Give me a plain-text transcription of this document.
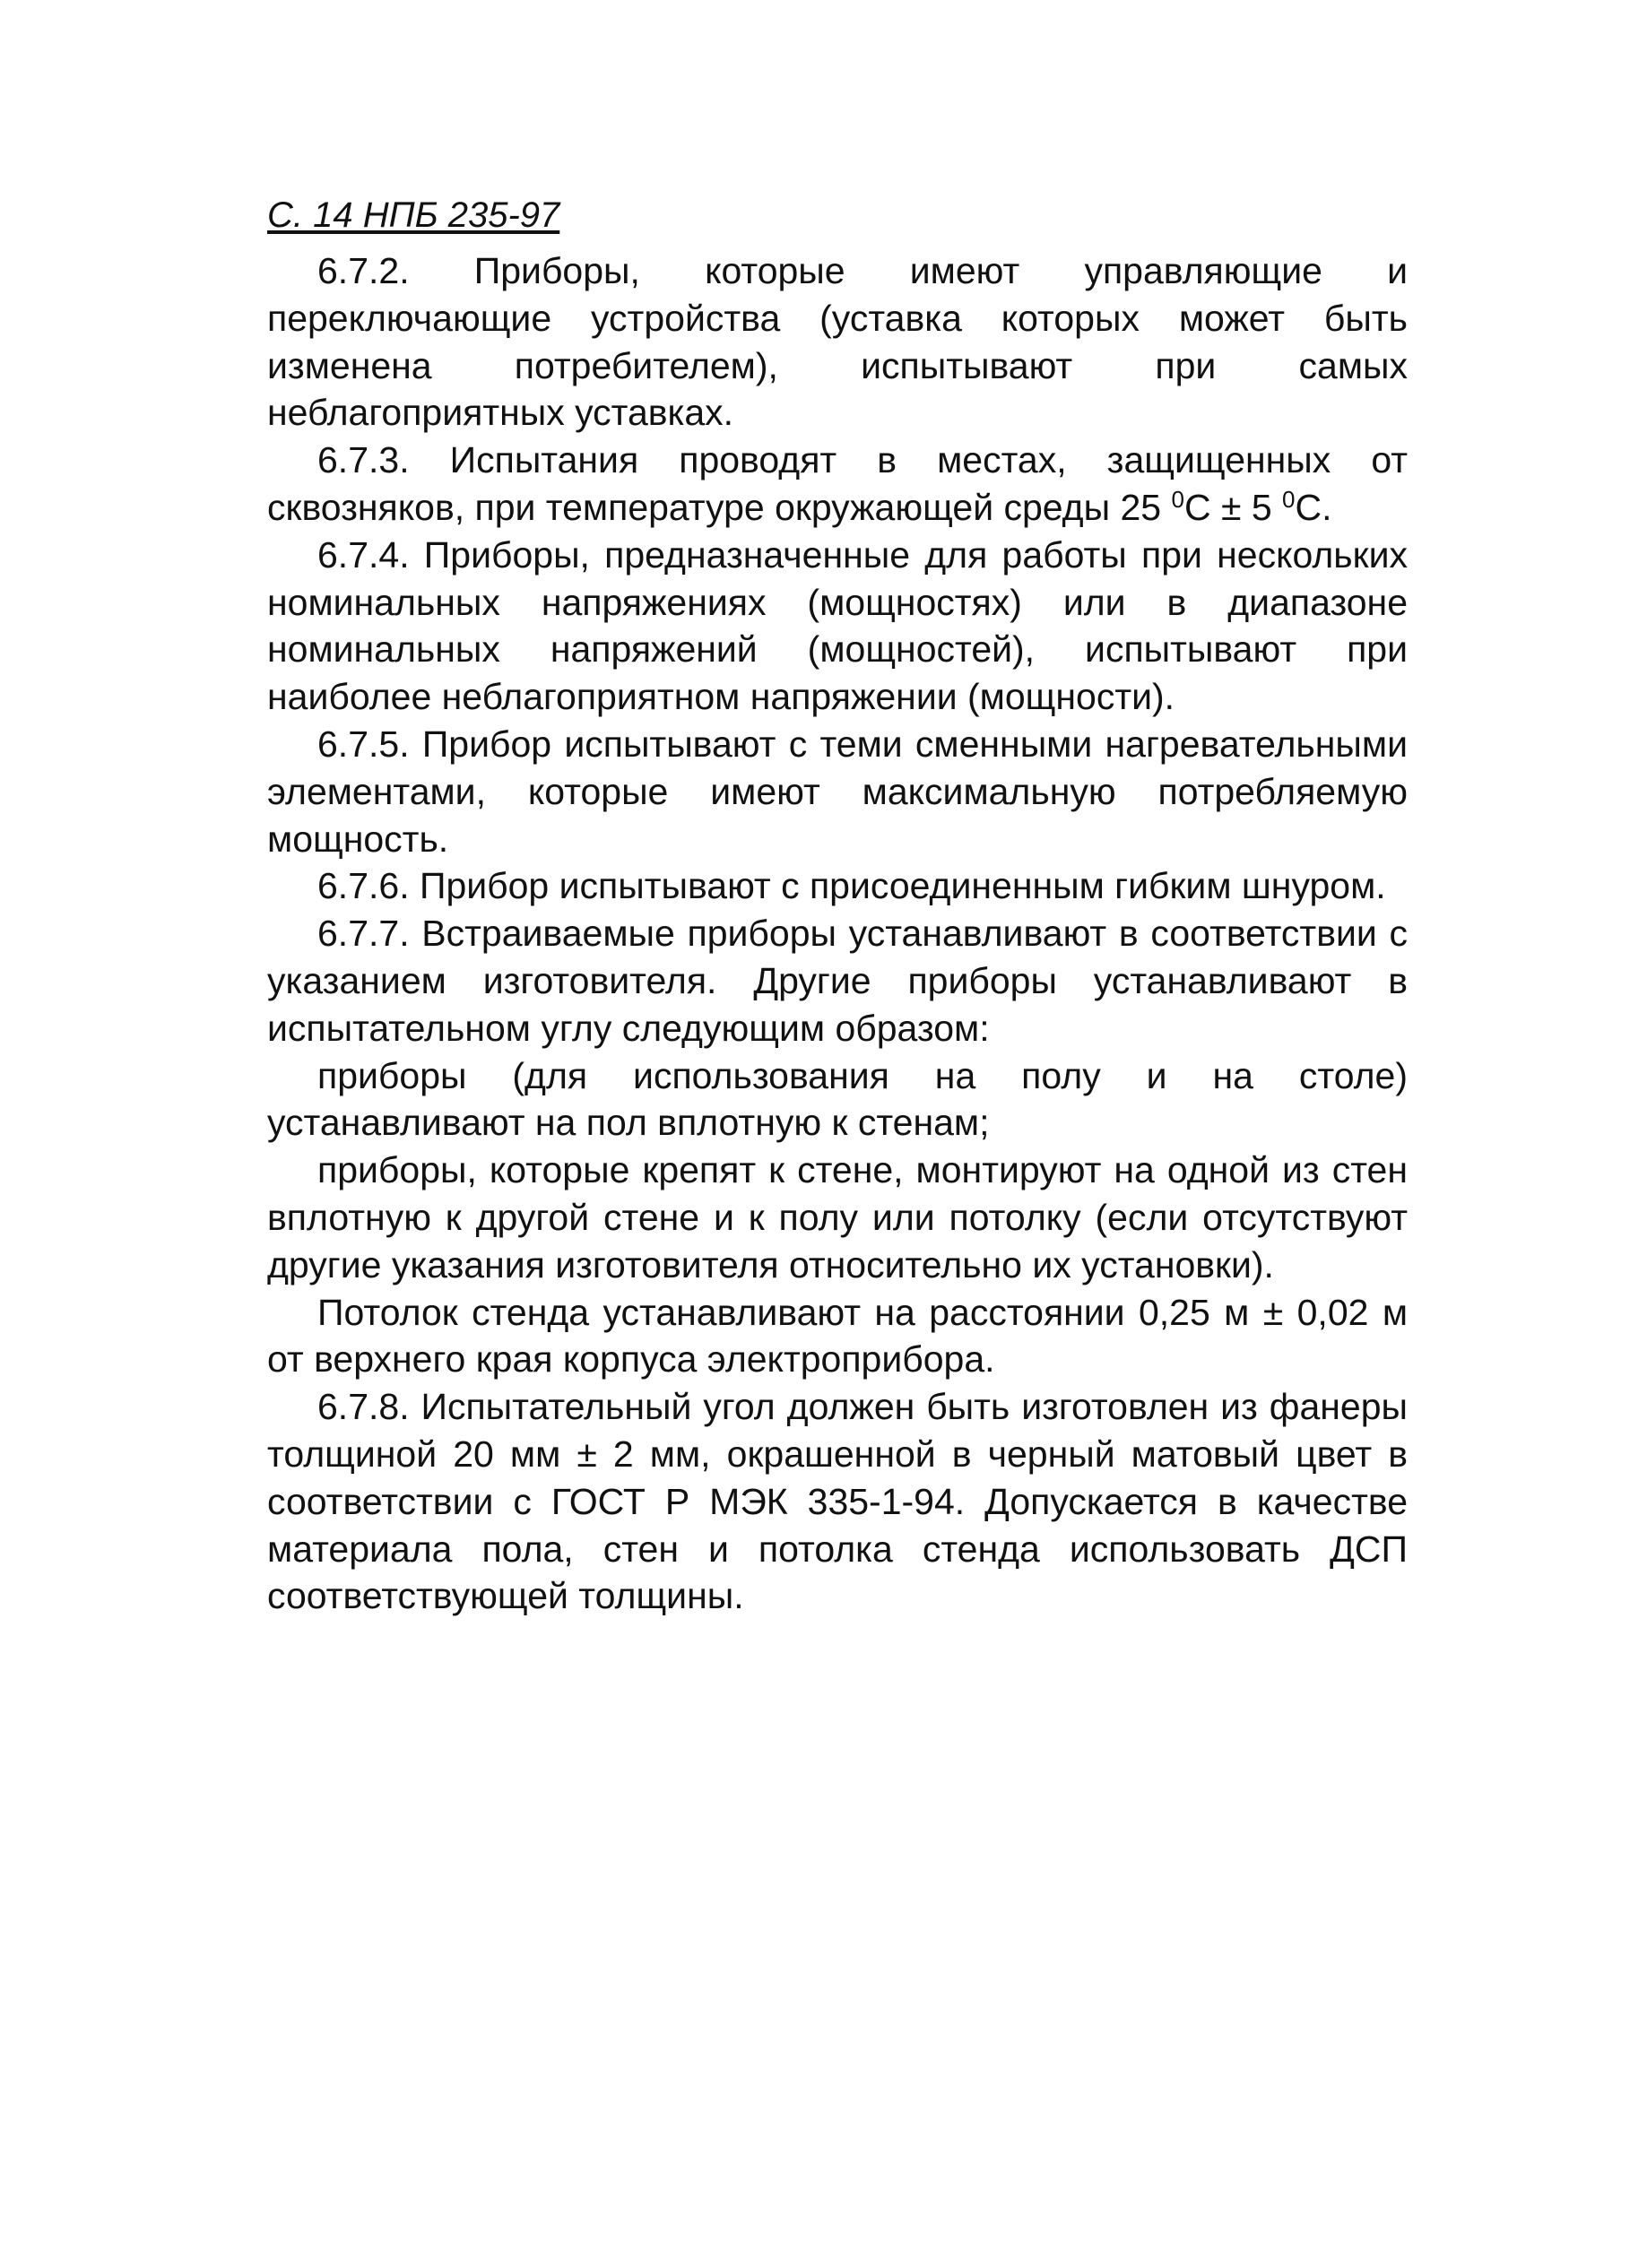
С. 14 НПБ 235-97

6.7.2. Приборы, которые имеют управляющие и переключающие устройства (уставка которых может быть изменена потребителем), испытывают при самых неблагоприятных уставках.

6.7.3. Испытания проводят в местах, защищенных от сквозняков, при температуре окружающей среды 25 $^0$С ± 5 $^0$С.

6.7.4. Приборы, предназначенные для работы при нескольких номинальных напряжениях (мощностях) или в диапазоне номинальных напряжений (мощностей), испытывают при наиболее неблагоприятном напряжении (мощности).

6.7.5. Прибор испытывают с теми сменными нагревательными элементами, которые имеют максимальную потребляемую мощность.

6.7.6. Прибор испытывают с присоединенным гибким шнуром.

6.7.7. Встраиваемые приборы устанавливают в соответствии с указанием изготовителя. Другие приборы устанавливают в испытательном углу следующим образом:

приборы (для использования на полу и на столе) устанавливают на пол вплотную к стенам;

приборы, которые крепят к стене, монтируют на одной из стен вплотную к другой стене и к полу или потолку (если отсутствуют другие указания изготовителя относительно их установки).

Потолок стенда устанавливают на расстоянии 0,25 м ± 0,02 м от верхнего края корпуса электроприбора.

6.7.8. Испытательный угол должен быть изготовлен из фанеры толщиной 20 мм ± 2 мм, окрашенной в черный матовый цвет в соответствии с ГОСТ Р МЭК 335-1-94. Допускается в качестве материала пола, стен и потолка стенда использовать ДСП соответствующей толщины.
